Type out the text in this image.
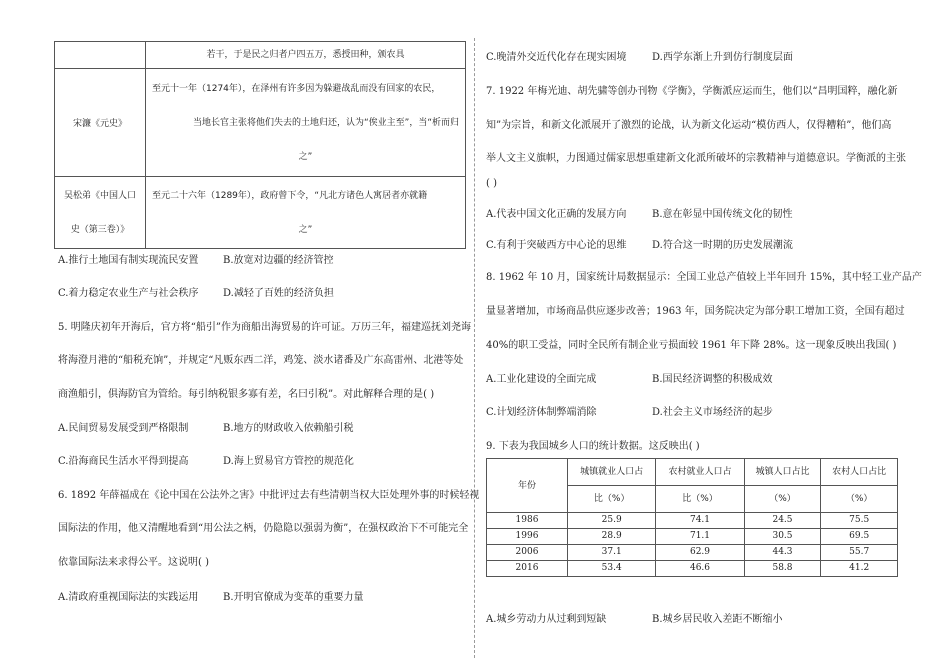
	若干，于是民之归者户四五万，悉授田种，颁农具

宋濂《元史》	至元十一年（1274年），在泽州有许多因为躲避战乱而没有回家的农民，
当地长官主张将他们失去的土地归还，认为“俟业主至”，当“析而归
之”

吴松弟《中国人口
史（第三卷）》	至元二十六年（1289年），政府曾下令，“凡北方诸色人寓居者亦就籍
之”
A.推行土地国有制实现流民安置 B.放宽对边疆的经济管控
C.着力稳定农业生产与社会秩序 D.减轻了百姓的经济负担
5. 明隆庆初年开海后，官方将“船引”作为商船出海贸易的许可证。万历三年，福建巡抚刘尧诲
将海澄月港的“船税充饷”，并规定“凡贩东西二洋，鸡笼、淡水诸番及广东高雷州、北港等处
商渔船引，俱海防官为管给。每引纳税银多寡有差，名曰引税”。对此解释合理的是( )
A.民间贸易发展受到严格限制	B.地方的财政收入依赖船引税
C.沿海商民生活水平得到提高	D.海上贸易官方管控的规范化
6. 1892 年薛福成在《论中国在公法外之害》中批评过去有些清朝当权大臣处理外事的时候轻视
国际法的作用，他又清醒地看到“用公法之柄，仍隐隐以强弱为衡”，在强权政治下不可能完全
依靠国际法来求得公平。这说明( )
A.清政府重视国际法的实践运用 B.开明官僚成为变革的重要力量
C.晚清外交近代化存在现实困境	D.西学东渐上升到仿行制度层面
7. 1922 年梅光迪、胡先骕等创办刊物《学衡》，学衡派应运而生，他们以“昌明国粹，融化新
知”为宗旨，和新文化派展开了激烈的论战，认为新文化运动“模仿西人，仅得糟粕”，他们高
举人文主义旗帜，力图通过儒家思想重建新文化派所破坏的宗教精神与道德意识。学衡派的主张
( )
A.代表中国文化正确的发展方向	B.意在彰显中国传统文化的韧性
C.有利于突破西方中心论的思维	D.符合这一时期的历史发展潮流
8. 1962 年 10 月，国家统计局数据显示：全国工业总产值较上半年回升 15%，其中轻工业产品产
量显著增加，市场商品供应逐步改善；1963 年，国务院决定为部分职工增加工资，全国有超过
40%的职工受益，同时全民所有制企业亏损面较 1961 年下降 28%。这一现象反映出我国( )
A.工业化建设的全面完成	B.国民经济调整的积极成效
C.计划经济体制弊端消除	D.社会主义市场经济的起步
9. 下表为我国城乡人口的统计数据。这反映出( )
年份	城镇就业人口占	农村就业人口占	城镇人口占比	农村人口占比
	比（%）	比（%）	（%）	（%）
1986	25.9	74.1	24.5	75.5
1996	28.9	71.1	30.5	69.5
2006	37.1	62.9	44.3	55.7
2016	53.4	46.6	58.8	41.2
A.城乡劳动力从过剩到短缺	B.城乡居民收入差距不断缩小
